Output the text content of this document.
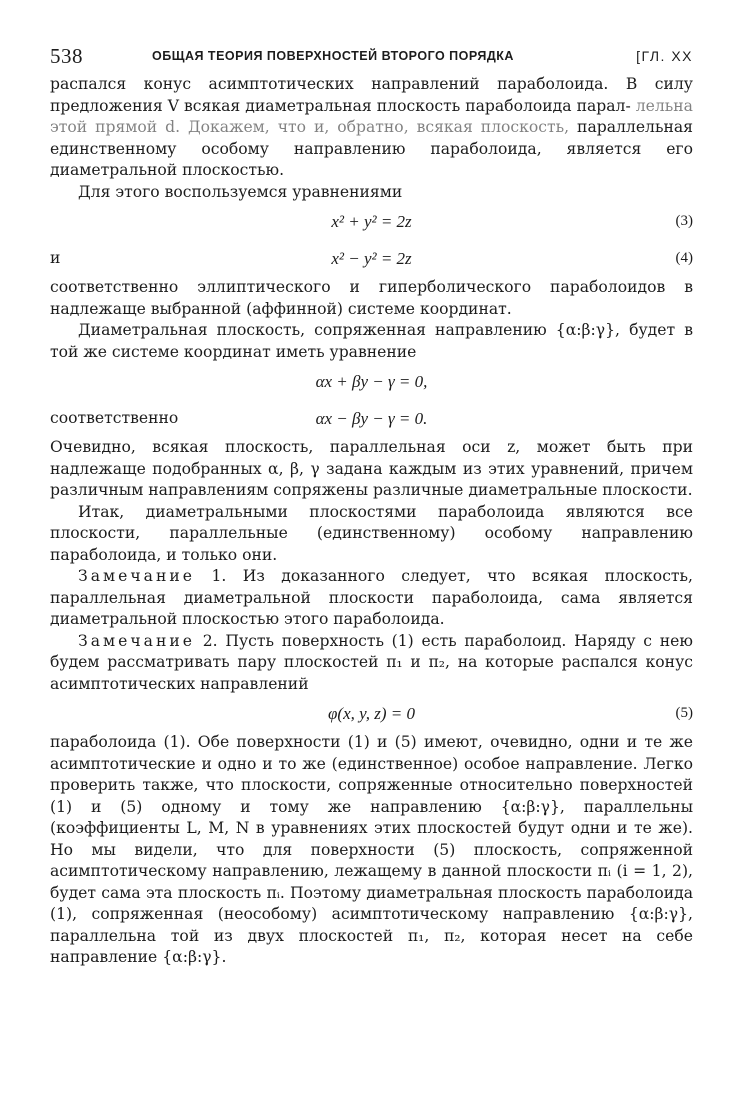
538	ОБЩАЯ ТЕОРИЯ ПОВЕРХНОСТЕЙ ВТОРОГО ПОРЯДКА	[ГЛ. XX

распался конус асимптотических направлений параболоида. В силу предложения V всякая диаметральная плоскость параболоида парал- лельна этой прямой d. Докажем, что и, обратно, всякая плоскость, параллельная единственному особому направлению параболоида, является его диаметральной плоскостью.

Для этого воспользуемся уравнениями

x² + y² = 2z	(3)
и	x² − y² = 2z	(4)

соответственно эллиптического и гиперболического параболоидов в надлежаще выбранной (аффинной) системе координат.

Диаметральная плоскость, сопряженная направлению {α:β:γ}, будет в той же системе координат иметь уравнение

αx + βy − γ = 0,
соответственно	αx − βy − γ = 0.

Очевидно, всякая плоскость, параллельная оси z, может быть при надлежаще подобранных α, β, γ задана каждым из этих уравнений, причем различным направлениям сопряжены различные диаметральные плоскости.

Итак, диаметральными плоскостями параболоида являются все плоскости, параллельные (единственному) особому направлению параболоида, и только они.

Замечание 1. Из доказанного следует, что всякая плоскость, параллельная диаметральной плоскости параболоида, сама является диаметральной плоскостью этого параболоида.

Замечание 2. Пусть поверхность (1) есть параболоид. Наряду с нею будем рассматривать пару плоскостей π₁ и π₂, на которые распался конус асимптотических направлений

φ(x, y, z) = 0	(5)

параболоида (1). Обе поверхности (1) и (5) имеют, очевидно, одни и те же асимптотические и одно и то же (единственное) особое направление. Легко проверить также, что плоскости, сопряженные относительно поверхностей (1) и (5) одному и тому же направлению {α:β:γ}, параллельны (коэффициенты L, M, N в уравнениях этих плоскостей будут одни и те же). Но мы видели, что для поверхности (5) плоскость, сопряженной асимптотическому направлению, лежащему в данной плоскости πᵢ (i = 1, 2), будет сама эта плоскость πᵢ. Поэтому диаметральная плоскость параболоида (1), сопряженная (неособому) асимптотическому направлению {α:β:γ}, параллельна той из двух плоскостей π₁, π₂, которая несет на себе направление {α:β:γ}.
